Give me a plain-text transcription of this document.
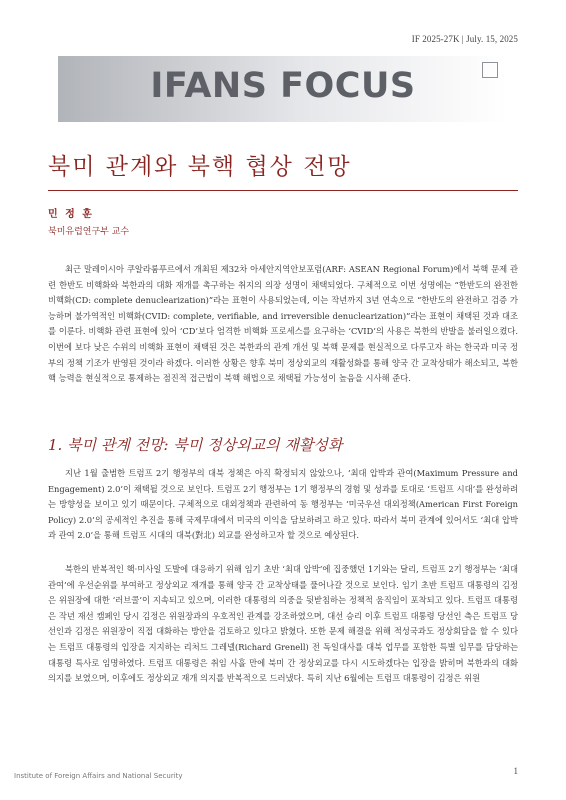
IF 2025-27K | July. 15, 2025
IFANS FOCUS
북미 관계와 북핵 협상 전망
민 정 훈
북미유럽연구부 교수

최근 말레이시아 쿠알라룸푸르에서 개최된 제32차 아세안지역안보포럼(ARF: ASEAN Regional Forum)에서 북핵 문제 관련 한반도 비핵화와 북한과의 대화 재개를 촉구하는 취지의 의장 성명이 채택되었다. 구체적으로 이번 성명에는 “한반도의 완전한 비핵화(CD: complete denuclearization)”라는 표현이 사용되었는데, 이는 작년까지 3년 연속으로 “한반도의 완전하고 검증 가능하며 불가역적인 비핵화(CVID: complete, verifiable, and irreversible denuclearization)”라는 표현이 채택된 것과 대조를 이룬다. 비핵화 관련 표현에 있어 ‘CD’보다 엄격한 비핵화 프로세스를 요구하는 ‘CVID’의 사용은 북한의 반발을 불러일으켰다. 이번에 보다 낮은 수위의 비핵화 표현이 채택된 것은 북한과의 관계 개선 및 북핵 문제를 현실적으로 다루고자 하는 한국과 미국 정부의 정책 기조가 반영된 것이라 하겠다. 이러한 상황은 향후 북미 정상외교의 재활성화를 통해 양국 간 교착상태가 해소되고, 북한 핵 능력을 현실적으로 통제하는 점진적 접근법이 북핵 해법으로 채택될 가능성이 높음을 시사해 준다.

1. 북미 관계 전망: 북미 정상외교의 재활성화

지난 1월 출범한 트럼프 2기 행정부의 대북 정책은 아직 확정되지 않았으나, ‘최대 압박과 관여(Maximum Pressure and Engagement) 2.0’이 채택될 것으로 보인다. 트럼프 2기 행정부는 1기 행정부의 경험 및 성과를 토대로 ‘트럼프 시대’를 완성하려는 방향성을 보이고 있기 때문이다. 구체적으로 대외정책과 관련하여 동 행정부는 ‘미국우선 대외정책(American First Foreign Policy) 2.0’의 공세적인 추진을 통해 국제무대에서 미국의 이익을 담보하려고 하고 있다. 따라서 북미 관계에 있어서도 ‘최대 압박과 관여 2.0’을 통해 트럼프 시대의 대북(對北) 외교를 완성하고자 할 것으로 예상된다.

북한의 반복적인 핵·미사일 도발에 대응하기 위해 임기 초반 ‘최대 압박’에 집중했던 1기와는 달리, 트럼프 2기 행정부는 ‘최대 관여’에 우선순위를 부여하고 정상외교 재개를 통해 양국 간 교착상태를 풀어나갈 것으로 보인다. 임기 초반 트럼프 대통령의 김정은 위원장에 대한 ‘러브콜’이 지속되고 있으며, 이러한 대통령의 의중을 뒷받침하는 정책적 움직임이 포착되고 있다. 트럼프 대통령은 작년 재선 캠페인 당시 김정은 위원장과의 우호적인 관계를 강조하였으며, 대선 승리 이후 트럼프 대통령 당선인 측은 트럼프 당선인과 김정은 위원장이 직접 대화하는 방안을 검토하고 있다고 밝혔다. 또한 문제 해결을 위해 적성국과도 정상회담을 할 수 있다는 트럼프 대통령의 입장을 지지하는 리처드 그레넬(Richard Grenell) 전 독일대사를 대북 업무를 포함한 특별 임무를 담당하는 대통령 특사로 임명하였다. 트럼프 대통령은 취임 사흘 만에 북미 간 정상외교를 다시 시도하겠다는 입장을 밝히며 북한과의 대화 의지를 보였으며, 이후에도 정상외교 재개 의지를 반복적으로 드러냈다. 특히 지난 6월에는 트럼프 대통령이 김정은 위원

Institute of Foreign Affairs and National Security	1
